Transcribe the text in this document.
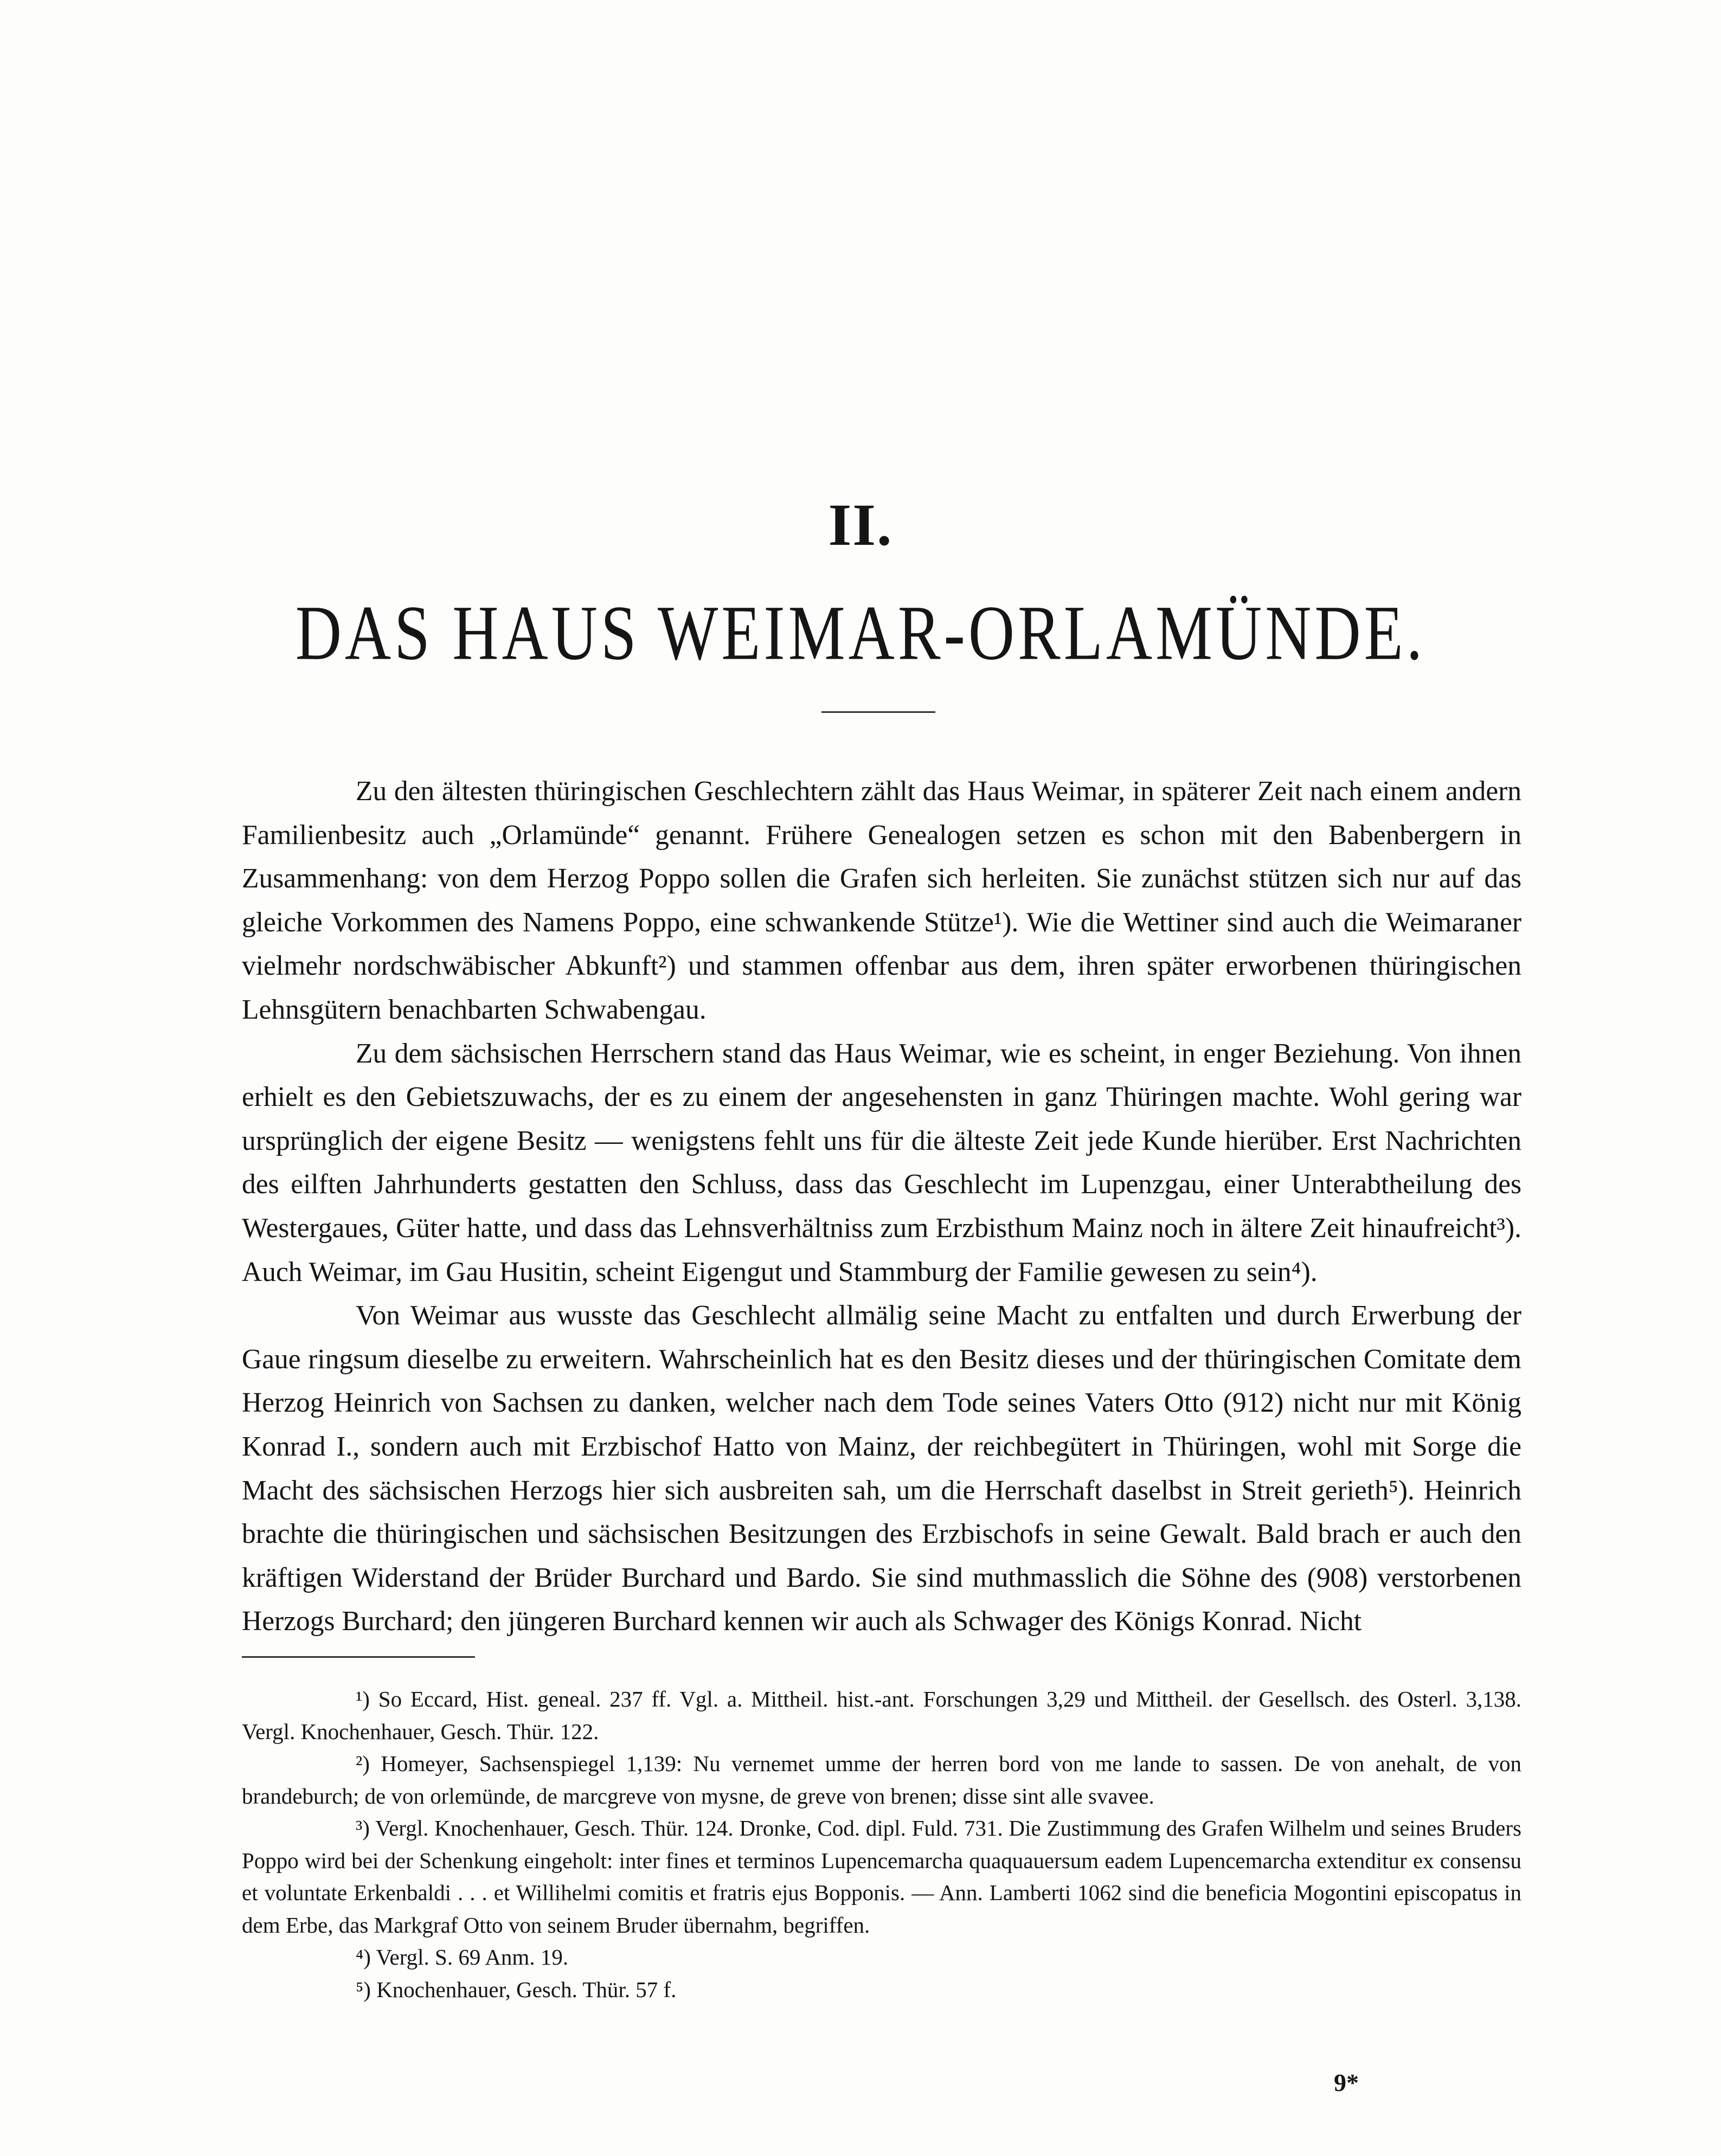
II.
DAS HAUS WEIMAR-ORLAMÜNDE.

Zu den ältesten thüringischen Geschlechtern zählt das Haus Weimar, in späterer Zeit nach einem andern Familienbesitz auch „Orlamünde“ genannt. Frühere Genealogen setzen es schon mit den Babenbergern in Zusammenhang: von dem Herzog Poppo sollen die Grafen sich herleiten. Sie zunächst stützen sich nur auf das gleiche Vorkommen des Namens Poppo, eine schwankende Stütze¹). Wie die Wettiner sind auch die Weimaraner vielmehr nordschwäbischer Abkunft²) und stammen offenbar aus dem, ihren später erworbenen thüringischen Lehnsgütern benachbarten Schwabengau.

Zu dem sächsischen Herrschern stand das Haus Weimar, wie es scheint, in enger Beziehung. Von ihnen erhielt es den Gebietszuwachs, der es zu einem der angesehensten in ganz Thüringen machte. Wohl gering war ursprünglich der eigene Besitz — wenigstens fehlt uns für die älteste Zeit jede Kunde hierüber. Erst Nachrichten des eilften Jahrhunderts gestatten den Schluss, dass das Geschlecht im Lupenzgau, einer Unterabtheilung des Westergaues, Güter hatte, und dass das Lehnsverhältniss zum Erzbisthum Mainz noch in ältere Zeit hinaufreicht³). Auch Weimar, im Gau Husitin, scheint Eigengut und Stammburg der Familie gewesen zu sein⁴).

Von Weimar aus wusste das Geschlecht allmälig seine Macht zu entfalten und durch Erwerbung der Gaue ringsum dieselbe zu erweitern. Wahrscheinlich hat es den Besitz dieses und der thüringischen Comitate dem Herzog Heinrich von Sachsen zu danken, welcher nach dem Tode seines Vaters Otto (912) nicht nur mit König Konrad I., sondern auch mit Erzbischof Hatto von Mainz, der reichbegütert in Thüringen, wohl mit Sorge die Macht des sächsischen Herzogs hier sich ausbreiten sah, um die Herrschaft daselbst in Streit gerieth⁵). Heinrich brachte die thüringischen und sächsischen Besitzungen des Erzbischofs in seine Gewalt. Bald brach er auch den kräftigen Widerstand der Brüder Burchard und Bardo. Sie sind muthmasslich die Söhne des (908) verstorbenen Herzogs Burchard; den jüngeren Burchard kennen wir auch als Schwager des Königs Konrad. Nicht

¹) So Eccard, Hist. geneal. 237 ff. Vgl. a. Mittheil. hist.-ant. Forschungen 3,29 und Mittheil. der Gesellsch. des Osterl. 3,138. Vergl. Knochenhauer, Gesch. Thür. 122.

²) Homeyer, Sachsenspiegel 1,139: Nu vernemet umme der herren bord von me lande to sassen. De von anehalt, de von brandeburch; de von orlemünde, de marcgreve von mysne, de greve von brenen; disse sint alle svavee.

³) Vergl. Knochenhauer, Gesch. Thür. 124. Dronke, Cod. dipl. Fuld. 731. Die Zustimmung des Grafen Wilhelm und seines Bruders Poppo wird bei der Schenkung eingeholt: inter fines et terminos Lupencemarcha quaquauersum eadem Lupencemarcha extenditur ex consensu et voluntate Erkenbaldi . . . et Willihelmi comitis et fratris ejus Bopponis. — Ann. Lamberti 1062 sind die beneficia Mogontini episcopatus in dem Erbe, das Markgraf Otto von seinem Bruder übernahm, begriffen.

⁴) Vergl. S. 69 Anm. 19.

⁵) Knochenhauer, Gesch. Thür. 57 f.

9*
